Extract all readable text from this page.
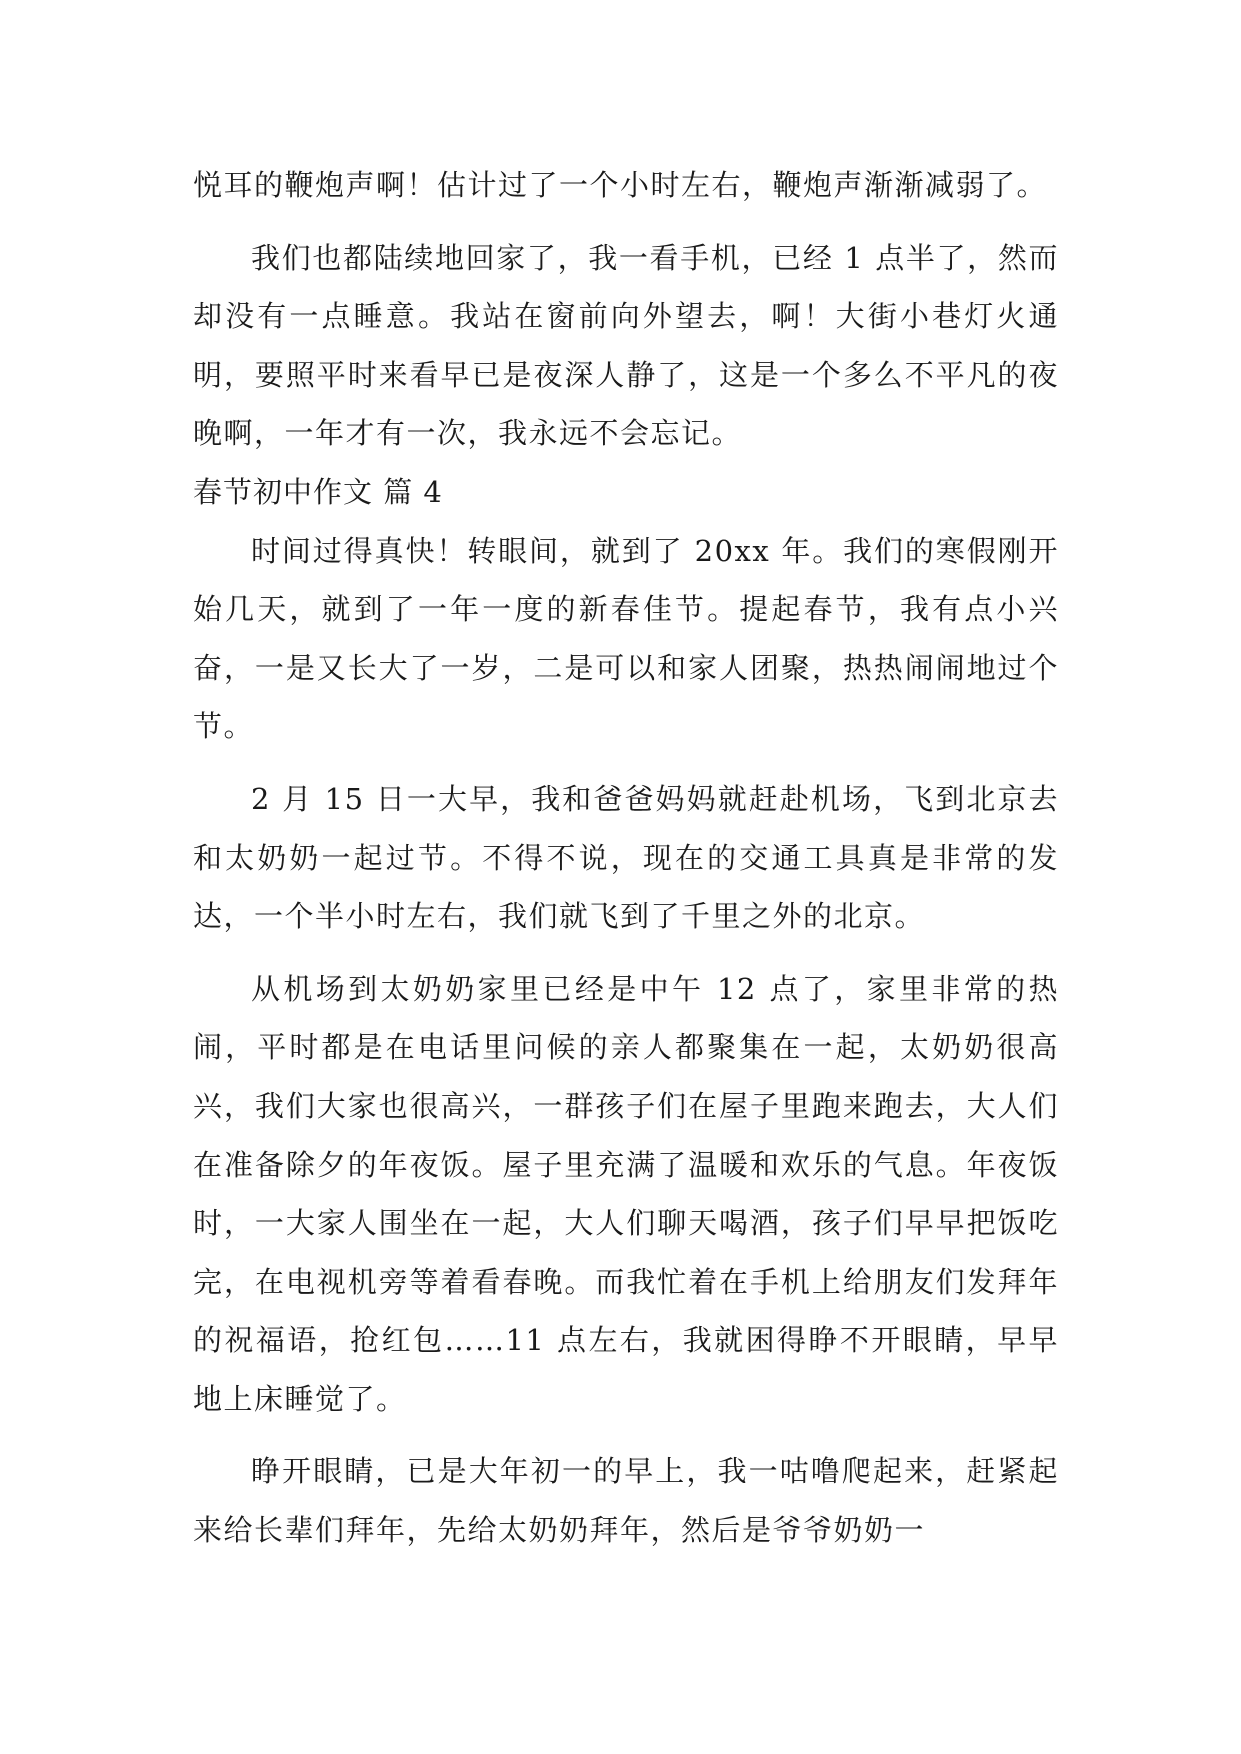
悦耳的鞭炮声啊！估计过了一个小时左右，鞭炮声渐渐减弱了。

我们也都陆续地回家了，我一看手机，已经 1 点半了，然而却没有一点睡意。我站在窗前向外望去，啊！大街小巷灯火通明，要照平时来看早已是夜深人静了，这是一个多么不平凡的夜晚啊，一年才有一次，我永远不会忘记。

春节初中作文 篇 4

时间过得真快！转眼间，就到了 20xx 年。我们的寒假刚开始几天，就到了一年一度的新春佳节。提起春节，我有点小兴奋，一是又长大了一岁，二是可以和家人团聚，热热闹闹地过个节。

2 月 15 日一大早，我和爸爸妈妈就赶赴机场，飞到北京去和太奶奶一起过节。不得不说，现在的交通工具真是非常的发达，一个半小时左右，我们就飞到了千里之外的北京。

从机场到太奶奶家里已经是中午 12 点了，家里非常的热闹，平时都是在电话里问候的亲人都聚集在一起，太奶奶很高兴，我们大家也很高兴，一群孩子们在屋子里跑来跑去，大人们在准备除夕的年夜饭。屋子里充满了温暖和欢乐的气息。年夜饭时，一大家人围坐在一起，大人们聊天喝酒，孩子们早早把饭吃完，在电视机旁等着看春晚。而我忙着在手机上给朋友们发拜年的祝福语，抢红包……11 点左右，我就困得睁不开眼睛，早早地上床睡觉了。

睁开眼睛，已是大年初一的早上，我一咕噜爬起来，赶紧起来给长辈们拜年，先给太奶奶拜年，然后是爷爷奶奶一
